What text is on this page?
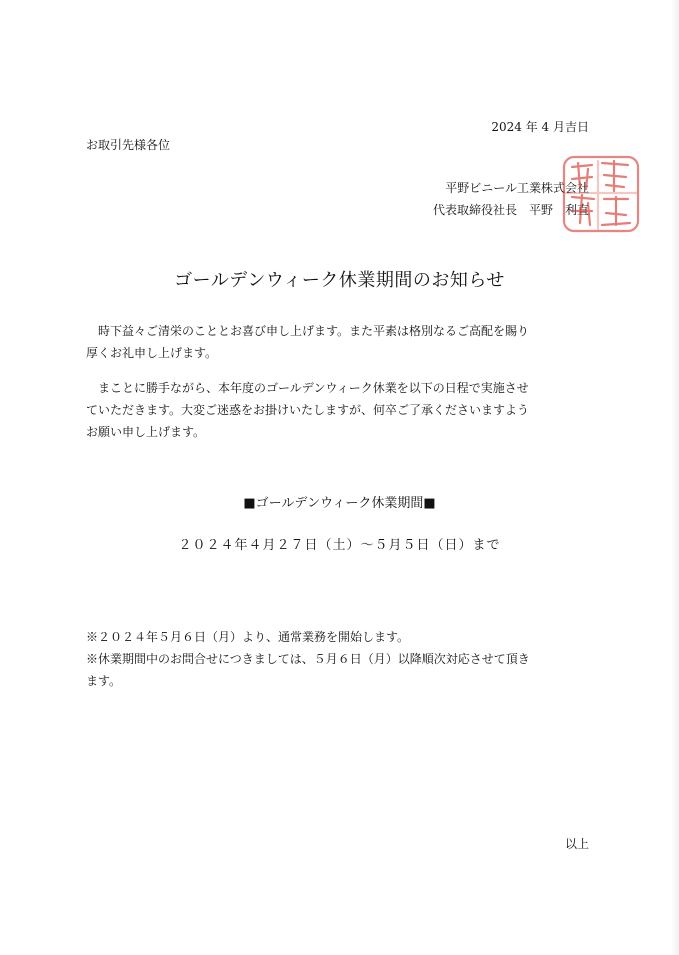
2024 年 4 月吉日
お取引先様各位
平野ビニール工業株式会社
代表取締役社長　平野　利直
ゴールデンウィーク休業期間のお知らせ
　時下益々ご清栄のこととお喜び申し上げます。また平素は格別なるご高配を賜り
厚くお礼申し上げます。
　まことに勝手ながら、本年度のゴールデンウィーク休業を以下の日程で実施させ
ていただきます。大変ご迷惑をお掛けいたしますが、何卒ご了承くださいますよう
お願い申し上げます。
■ゴールデンウィーク休業期間■
２０２４年４月２７日（土）～５月５日（日）まで
※２０２４年５月６日（月）より、通常業務を開始します。
※休業期間中のお問合せにつきましては、５月６日（月）以降順次対応させて頂き
ます。
以上
